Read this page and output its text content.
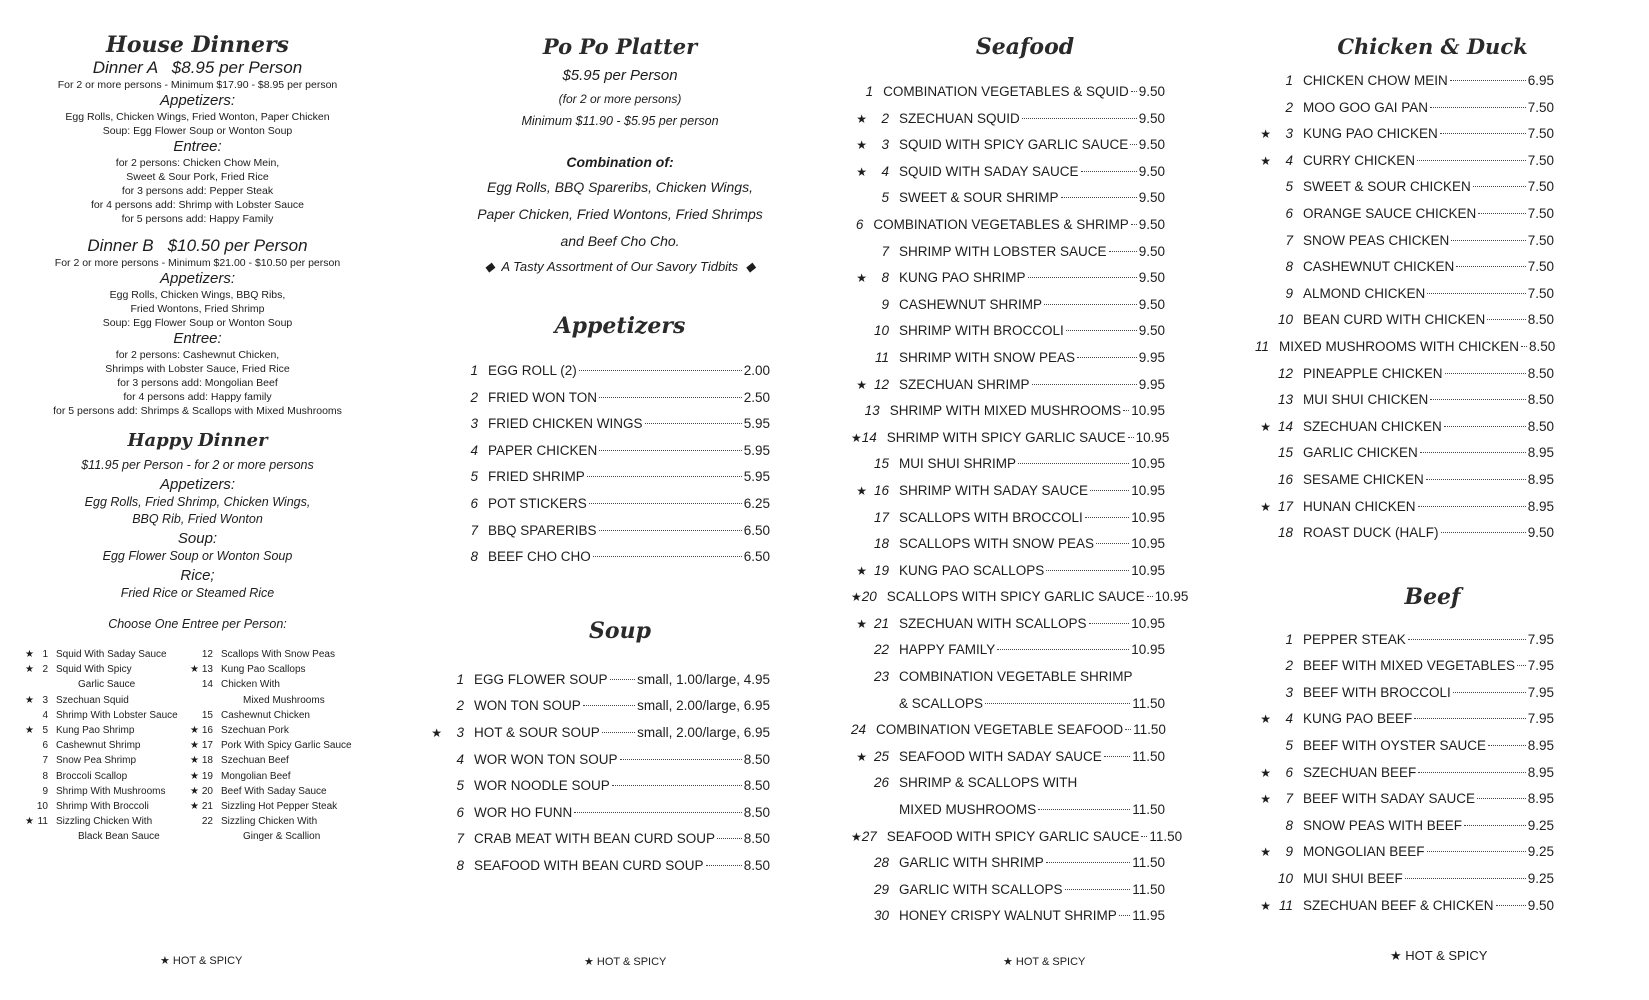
House Dinners
Dinner A   $8.95 per Person
For 2 or more persons - Minimum $17.90 - $8.95 per person
Appetizers:
Egg Rolls, Chicken Wings, Fried Wonton, Paper Chicken
Soup: Egg Flower Soup or Wonton Soup
Entree:
for 2 persons: Chicken Chow Mein,
Sweet & Sour Pork, Fried Rice
for 3 persons add: Pepper Steak
for 4 persons add: Shrimp with Lobster Sauce
for 5 persons add: Happy Family
Dinner B   $10.50 per Person
For 2 or more persons - Minimum $21.00 - $10.50 per person
Appetizers:
Egg Rolls, Chicken Wings, BBQ Ribs,
Fried Wontons, Fried Shrimp
Soup: Egg Flower Soup or Wonton Soup
Entree:
for 2 persons: Cashewnut Chicken,
Shrimps with Lobster Sauce, Fried Rice
for 3 persons add: Mongolian Beef
for 4 persons add: Happy family
for 5 persons add: Shrimps & Scallops with Mixed Mushrooms
Happy Dinner
$11.95 per Person - for 2 or more persons
Appetizers:
Egg Rolls, Fried Shrimp, Chicken Wings,
BBQ Rib, Fried Wonton
Soup:
Egg Flower Soup or Wonton Soup
Rice;
Fried Rice or Steamed Rice
Choose One Entree per Person:
★ 1 Squid With Saday Sauce
★ 2 Squid With Spicy
Garlic Sauce
★ 3 Szechuan Squid
4 Shrimp With Lobster Sauce
★ 5 Kung Pao Shrimp
6 Cashewnut Shrimp
7 Snow Pea Shrimp
8 Broccoli Scallop
9 Shrimp With Mushrooms
10 Shrimp With Broccoli
★ 11 Sizzling Chicken With
Black Bean Sauce
12 Scallops With Snow Peas
★ 13 Kung Pao Scallops
14 Chicken With
Mixed Mushrooms
15 Cashewnut Chicken
★ 16 Szechuan Pork
★ 17 Pork With Spicy Garlic Sauce
★ 18 Szechuan Beef
★ 19 Mongolian Beef
★ 20 Beef With Saday Sauce
★ 21 Sizzling Hot Pepper Steak
22 Sizzling Chicken With
Ginger & Scallion
★ HOT & SPICY
Po Po Platter
$5.95 per Person
(for 2 or more persons)
Minimum $11.90 - $5.95 per person
Combination of:
Egg Rolls, BBQ Spareribs, Chicken Wings,
Paper Chicken, Fried Wontons, Fried Shrimps
and Beef Cho Cho.
◆  A Tasty Assortment of Our Savory Tidbits  ◆
Appetizers
1 EGG ROLL (2)	2.00
2 FRIED WON TON	2.50
3 FRIED CHICKEN WINGS	5.95
4 PAPER CHICKEN	5.95
5 FRIED SHRIMP	5.95
6 POT STICKERS	6.25
7 BBQ SPARERIBS	6.50
8 BEEF CHO CHO	6.50
Soup
1 EGG FLOWER SOUP small, 1.00/large, 4.95
2 WON TON SOUP	small, 2.00/large, 6.95
★	3 HOT & SOUR SOUP	small, 2.00/large, 6.95
4 WOR WON TON SOUP	8.50
5 WOR NOODLE SOUP	8.50
6 WOR HO FUNN	8.50
7 CRAB MEAT WITH BEAN CURD SOUP 8.50
8 SEAFOOD WITH BEAN CURD SOUP	8.50
★ HOT & SPICY
Seafood
1 COMBINATION VEGETABLES & SQUID 9.50
★	2 SZECHUAN SQUID	9.50
★	3 SQUID WITH SPICY GARLIC SAUCE 9.50
★	4 SQUID WITH SADAY SAUCE	9.50
5 SWEET & SOUR SHRIMP	9.50
6 COMBINATION VEGETABLES & SHRIMP 9.50
7 SHRIMP WITH LOBSTER SAUCE 9.50
★	8 KUNG PAO SHRIMP	9.50
9 CASHEWNUT SHRIMP	9.50
10 SHRIMP WITH BROCCOLI	9.50
11 SHRIMP WITH SNOW PEAS	9.95
★ 12 SZECHUAN SHRIMP	9.95
13 SHRIMP WITH MIXED MUSHROOMS 10.95
★ 14 SHRIMP WITH SPICY GARLIC SAUCE 10.95
15 MUI SHUI SHRIMP	10.95
★ 16 SHRIMP WITH SADAY SAUCE	10.95
17 SCALLOPS WITH BROCCOLI	10.95
18 SCALLOPS WITH SNOW PEAS	10.95
★ 19 KUNG PAO SCALLOPS	10.95
★ 20 SCALLOPS WITH SPICY GARLIC SAUCE 10.95
★ 21 SZECHUAN WITH SCALLOPS	10.95
22 HAPPY FAMILY	10.95
23 COMBINATION VEGETABLE SHRIMP
& SCALLOPS	11.50
24 COMBINATION VEGETABLE SEAFOOD 11.50
★ 25 SEAFOOD WITH SADAY SAUCE 11.50
26 SHRIMP & SCALLOPS WITH
MIXED MUSHROOMS	11.50
★ 27 SEAFOOD WITH SPICY GARLIC SAUCE 11.50
28 GARLIC WITH SHRIMP	11.50
29 GARLIC WITH SCALLOPS	11.50
30 HONEY CRISPY WALNUT SHRIMP 11.95
★ HOT & SPICY
Chicken & Duck
1 CHICKEN CHOW MEIN	6.95
2 MOO GOO GAI PAN	7.50
★	3 KUNG PAO CHICKEN	7.50
★	4 CURRY CHICKEN	7.50
5 SWEET & SOUR CHICKEN	7.50
6 ORANGE SAUCE CHICKEN	7.50
7 SNOW PEAS CHICKEN	7.50
8 CASHEWNUT CHICKEN	7.50
9 ALMOND CHICKEN	7.50
10 BEAN CURD WITH CHICKEN	8.50
11 MIXED MUSHROOMS WITH CHICKEN 8.50
12 PINEAPPLE CHICKEN	8.50
13 MUI SHUI CHICKEN	8.50
★ 14 SZECHUAN CHICKEN	8.50
15 GARLIC CHICKEN	8.95
16 SESAME CHICKEN	8.95
★ 17 HUNAN CHICKEN	8.95
18 ROAST DUCK (HALF)	9.50
Beef
1 PEPPER STEAK	7.95
2 BEEF WITH MIXED VEGETABLES 7.95
3 BEEF WITH BROCCOLI	7.95
★	4 KUNG PAO BEEF	7.95
5 BEEF WITH OYSTER SAUCE	8.95
★	6 SZECHUAN BEEF	8.95
★	7 BEEF WITH SADAY SAUCE	8.95
8 SNOW PEAS WITH BEEF	9.25
★	9 MONGOLIAN BEEF	9.25
10 MUI SHUI BEEF	9.25
★ 11 SZECHUAN BEEF & CHICKEN	9.50
★ HOT & SPICY
